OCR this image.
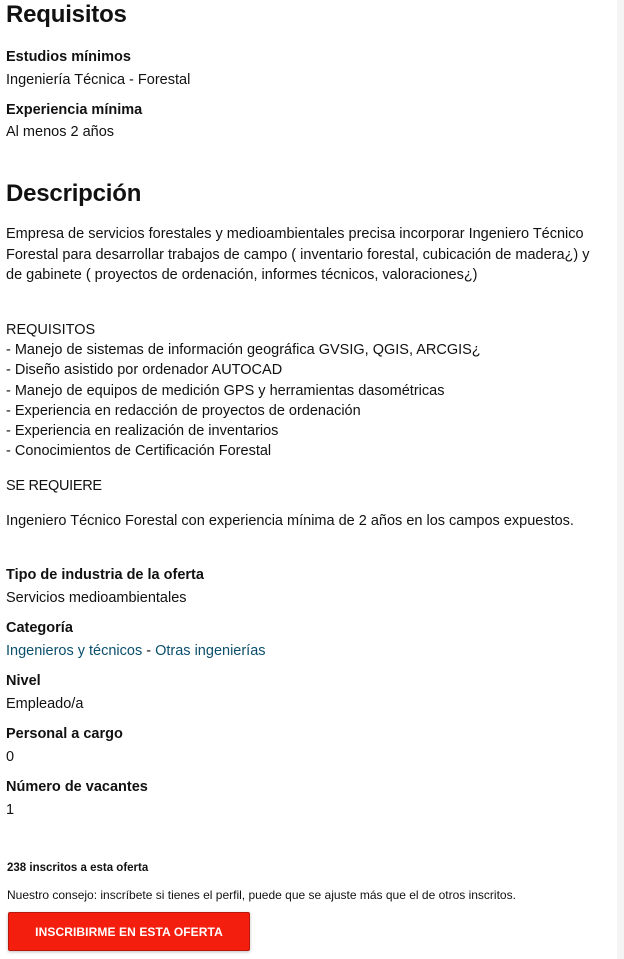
Requisitos

Estudios mínimos

Ingeniería Técnica - Forestal

Experiencia mínima

Al menos 2 años

Descripción

Empresa de servicios forestales y medioambientales precisa incorporar Ingeniero Técnico Forestal para desarrollar trabajos de campo ( inventario forestal, cubicación de madera¿) y de gabinete ( proyectos de ordenación, informes técnicos, valoraciones¿)

REQUISITOS
- Manejo de sistemas de información geográfica GVSIG, QGIS, ARCGIS¿
- Diseño asistido por ordenador AUTOCAD
- Manejo de equipos de medición GPS y herramientas dasométricas
- Experiencia en redacción de proyectos de ordenación
- Experiencia en realización de inventarios
- Conocimientos de Certificación Forestal

SE REQUIERE

Ingeniero Técnico Forestal con experiencia mínima de 2 años en los campos expuestos.

Tipo de industria de la oferta

Servicios medioambientales

Categoría

Ingenieros y técnicos - Otras ingenierías

Nivel

Empleado/a

Personal a cargo

0

Número de vacantes

1

238 inscritos a esta oferta

Nuestro consejo: inscríbete si tienes el perfil, puede que se ajuste más que el de otros inscritos.

INSCRIBIRME EN ESTA OFERTA
